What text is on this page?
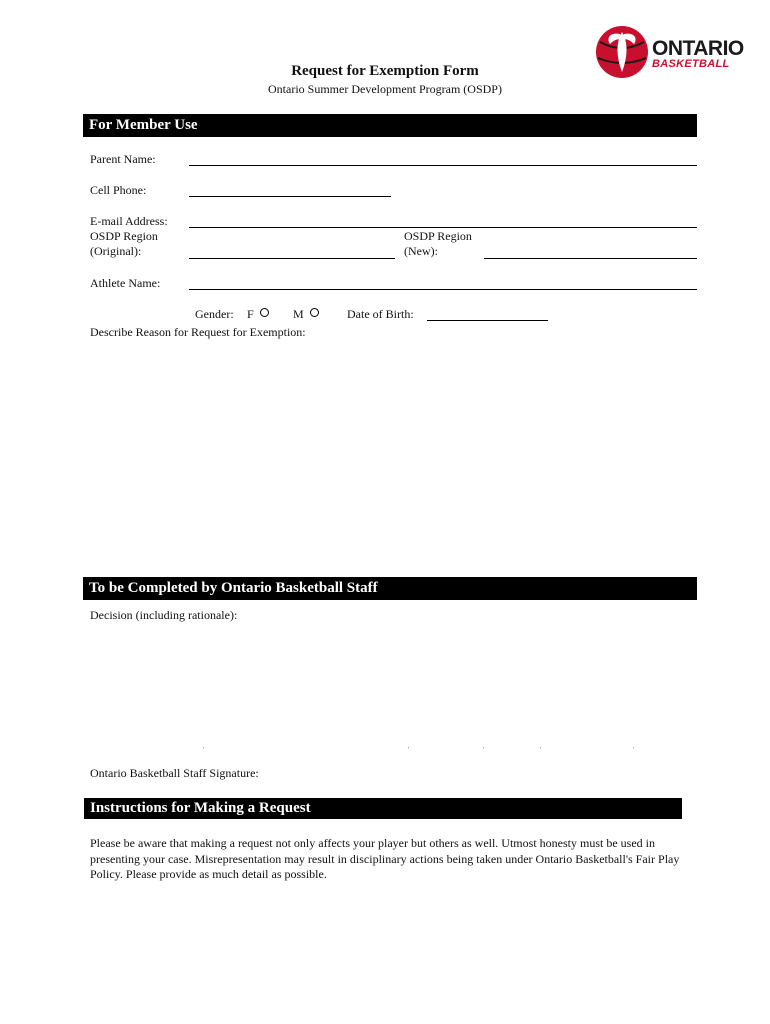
ONTARIO
BASKETBALL
Request for Exemption Form
Ontario Summer Development Program (OSDP)
For Member Use
Parent Name:
Cell Phone:
E-mail Address:
OSDP Region
(Original):
OSDP Region
(New):
Athlete Name:
Gender: F	M	Date of Birth:
Describe Reason for Request for Exemption:
To be Completed by Ontario Basketball Staff
Decision (including rationale):
'	'	'	'	'
Ontario Basketball Staff Signature:
Instructions for Making a Request
Please be aware that making a request not only affects your player but others as well. Utmost honesty must be used in presenting your case. Misrepresentation may result in disciplinary actions being taken under Ontario Basketball's Fair Play Policy. Please provide as much detail as possible.
